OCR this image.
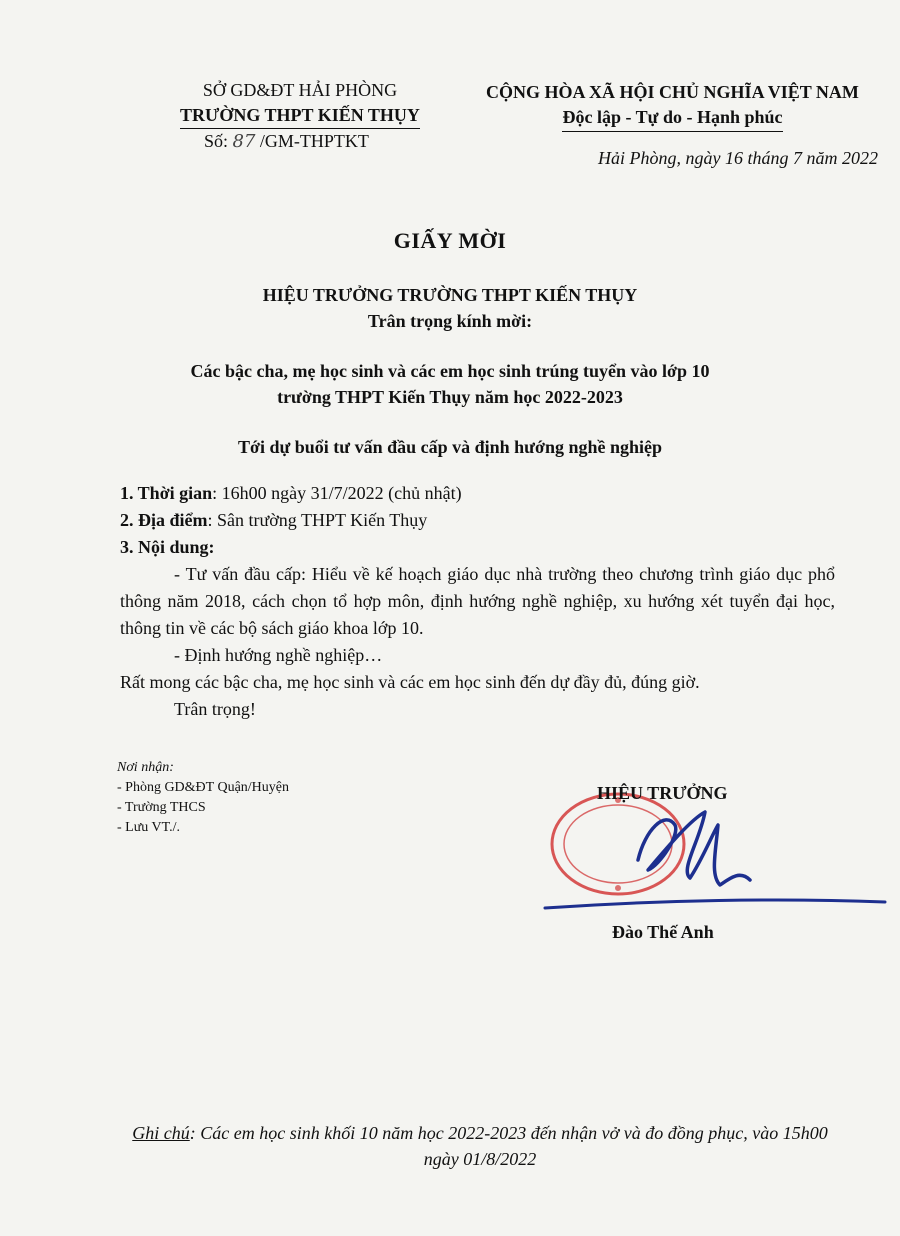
SỞ GD&ĐT HẢI PHÒNG
TRƯỜNG THPT KIẾN THỤY
Số: 87 /GM-THPTKT
CỘNG HÒA XÃ HỘI CHỦ NGHĨA VIỆT NAM
Độc lập - Tự do - Hạnh phúc
Hải Phòng, ngày 16 tháng 7 năm 2022
GIẤY MỜI
HIỆU TRƯỞNG TRƯỜNG THPT KIẾN THỤY
Trân trọng kính mời:
Các bậc cha, mẹ học sinh và các em học sinh trúng tuyển vào lớp 10
trường THPT Kiến Thụy năm học 2022-2023
Tới dự buổi tư vấn đầu cấp và định hướng nghề nghiệp

1. Thời gian: 16h00 ngày 31/7/2022 (chủ nhật)

2. Địa điểm: Sân trường THPT Kiến Thụy

3. Nội dung:

- Tư vấn đầu cấp: Hiểu về kế hoạch giáo dục nhà trường theo chương trình giáo dục phổ thông năm 2018, cách chọn tổ hợp môn, định hướng nghề nghiệp, xu hướng xét tuyển đại học, thông tin về các bộ sách giáo khoa lớp 10.

- Định hướng nghề nghiệp…

Rất mong các bậc cha, mẹ học sinh và các em học sinh đến dự đầy đủ, đúng giờ.

Trân trọng!

Nơi nhận:
- Phòng GD&ĐT Quận/Huyện
- Trường THCS
- Lưu VT./.
HIỆU TRƯỞNG
Đào Thế Anh
Ghi chú: Các em học sinh khối 10 năm học 2022-2023 đến nhận vở và đo đồng phục, vào 15h00 ngày 01/8/2022
